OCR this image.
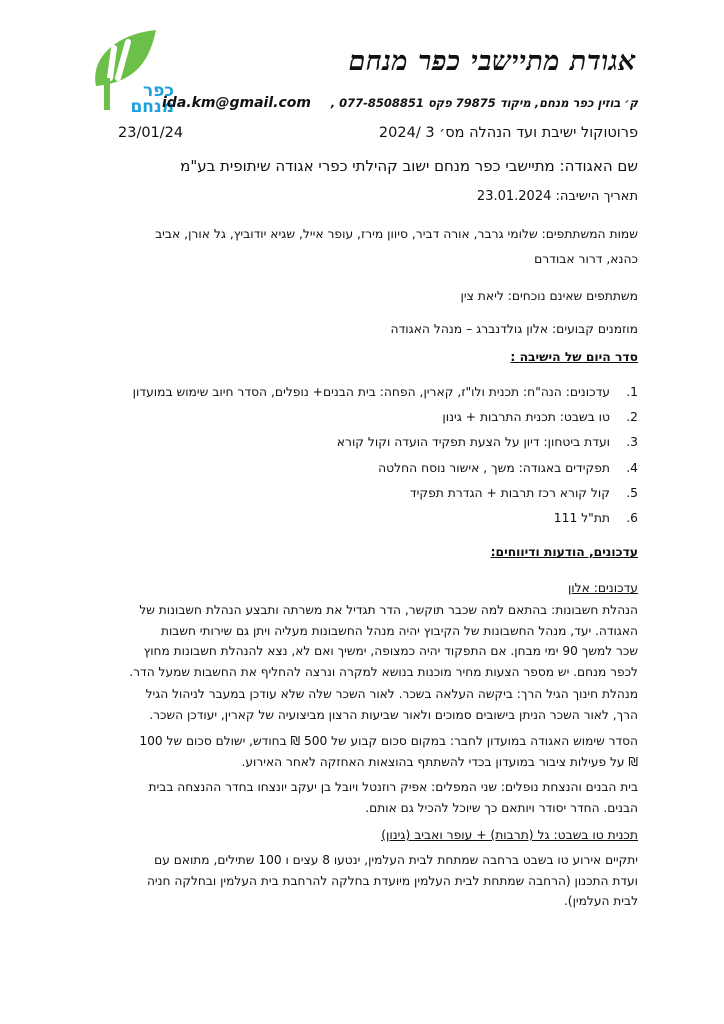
כפר
מנחם
אגודת מתיישבי כפר מנחם
ida.km@gmail.com ק׳ בוזין כפר מנחם, מיקוד 79875 פקס 077-8508851 ,
פרוטוקול ישיבת ועד הנהלה מס׳ 3 /2024
23/01/24
שם האגודה: מתיישבי כפר מנחם ישוב קהילתי כפרי אגודה שיתופית בע"מ
תאריך הישיבה: 23.01.2024
שמות המשתתפים: שלומי גרבר, אורה דביר, סיוון מירז, עופר אייל, שגיא יודוביץ, גל אורן, אביב
כהנא, דרור אבודרם
משתתפים שאינם נוכחים: ליאת צין
מוזמנים קבועים: אלון גולדנברג – מנהל האגודה
סדר היום של הישיבה :
1.
עדכונים: הנה"ח: תכנית ולו"ז, קארין, הפחה: בית הבנים+ נופלים, הסדר חיוב שימוש במועדון
2.
טו בשבט: תכנית התרבות + גינון
3.
ועדת ביטחון: דיון על הצעת תפקיד הועדה וקול קורא
4.
תפקידים באגודה: משך , אישור נוסח החלטה
5.
קול קורא רכז תרבות + הגדרת תפקיד
6.
תת"ל 111
עדכונים, הודעות ודיווחים:
עדכונים: אלון
הנהלת חשבונות: בהתאם למה שכבר תוקשר, הדר תגדיל את משרתה ותבצע הנהלת חשבונות של
האגודה. יעד, מנהל החשבונות של הקיבוץ יהיה מנהל החשבונות מעליה ויתן גם שירותי חשבות
שכר למשך 90 ימי מבחן. אם התפקוד יהיה כמצופה, ימשיך ואם לא, נצא להנהלת חשבונות מחוץ
לכפר מנחם. יש מספר הצעות מחיר מוכנות בנושא למקרה ונרצה להחליף את החשבות שמעל הדר.
מנהלת חינוך הגיל הרך: ביקשה העלאה בשכר. לאור השכר שלה שלא עודכן במעבר לניהול הגיל
הרך, לאור השכר הניתן בישובים סמוכים ולאור שביעות הרצון מביצועיה של קארין, יעודכן השכר.
הסדר שימוש האגודה במועדון לחבר: במקום סכום קבוע של 500 ₪ בחודש, ישולם סכום של 100
₪ על פעילות ציבור במועדון בכדי להשתתף בהוצאות האחזקה לאחר האירוע.
בית הבנים והנצחת נופלים: שני המפלים: אפיק רוזנטל ויובל בן יעקב יונצחו בחדר ההנצחה בבית
הבנים. החדר יסודר ויותאם כך שיוכל להכיל גם אותם.
תכנית טו בשבט: גל (תרבות) + עופר ואביב (גינון)
יתקיים אירוע טו בשבט ברחבה שמתחת לבית העלמין, ינטעו 8 עצים ו 100 שתילים, מתואם עם
ועדת התכנון (הרחבה שמתחת לבית העלמין מיועדת בחלקה להרחבת בית העלמין ובחלקה חניה
לבית העלמין).
